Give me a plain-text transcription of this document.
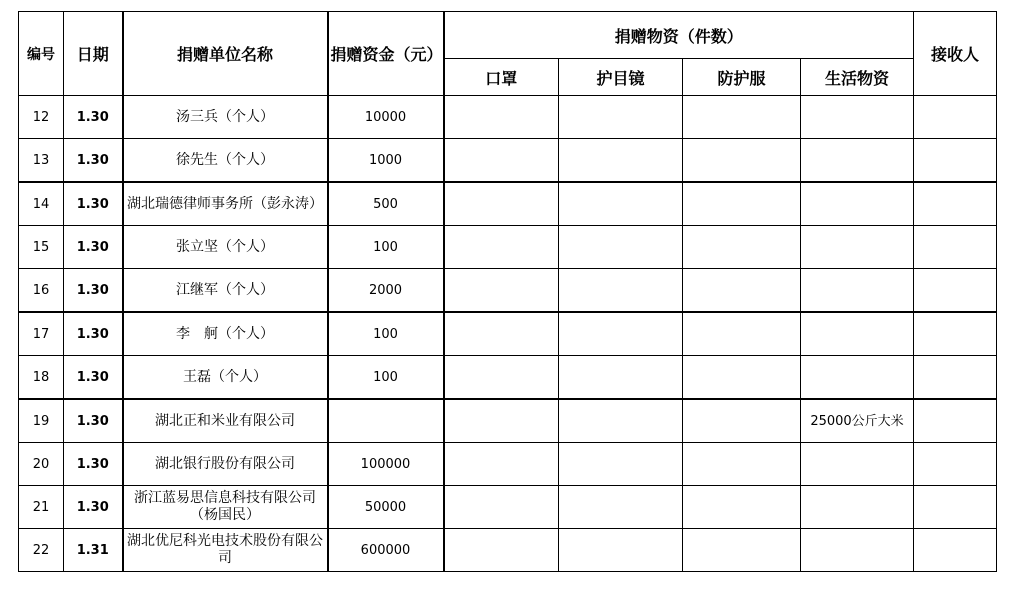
编号	日期	捐赠单位名称	捐赠资金（元）	捐赠物资（件数）				接收人
				口罩	护目镜	防护服	生活物资	
12	1.30	汤三兵（个人）	10000					
13	1.30	徐先生（个人）	1000					
14	1.30	湖北瑞德律师事务所（彭永涛）	500					
15	1.30	张立坚（个人）	100					
16	1.30	江继军（个人）	2000					
17	1.30	李　舸（个人）	100					
18	1.30	王磊（个人）	100					
19	1.30	湖北正和米业有限公司					25000公斤大米	
20	1.30	湖北银行股份有限公司	100000					
21	1.30	浙江蓝易思信息科技有限公司（杨国民）	50000					
22	1.31	湖北优尼科光电技术股份有限公司	600000					
